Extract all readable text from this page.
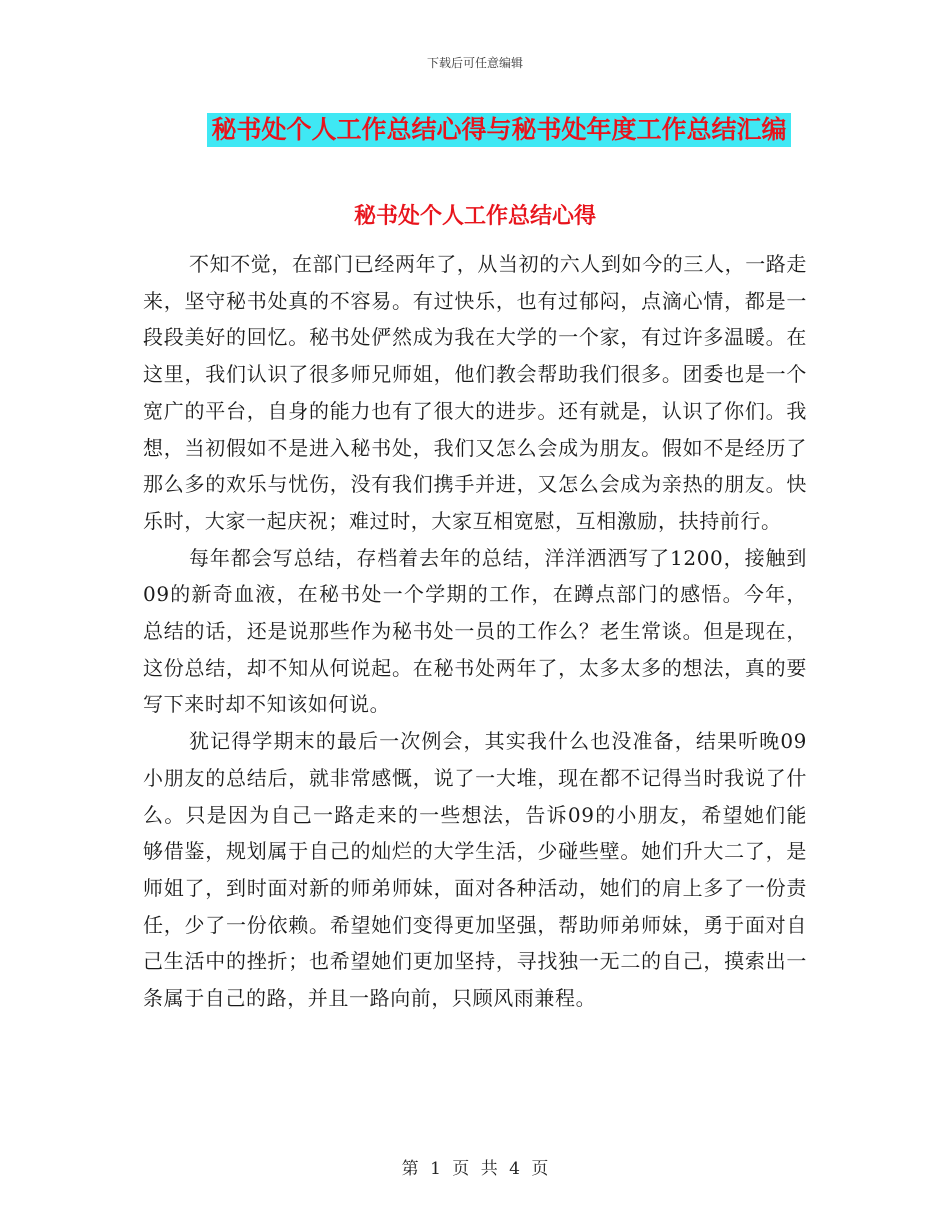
下载后可任意编辑
秘书处个人工作总结心得与秘书处年度工作总结汇编
秘书处个人工作总结心得

不知不觉，在部门已经两年了，从当初的六人到如今的三人，一路走来，坚守秘书处真的不容易。有过快乐，也有过郁闷，点滴心情，都是一段段美好的回忆。秘书处俨然成为我在大学的一个家，有过许多温暖。在这里，我们认识了很多师兄师姐，他们教会帮助我们很多。团委也是一个宽广的平台，自身的能力也有了很大的进步。还有就是，认识了你们。我想，当初假如不是进入秘书处，我们又怎么会成为朋友。假如不是经历了那么多的欢乐与忧伤，没有我们携手并进，又怎么会成为亲热的朋友。快乐时，大家一起庆祝；难过时，大家互相宽慰，互相激励，扶持前行。

每年都会写总结，存档着去年的总结，洋洋洒洒写了1200，接触到09的新奇血液，在秘书处一个学期的工作，在蹲点部门的感悟。今年，总结的话，还是说那些作为秘书处一员的工作么？老生常谈。但是现在，这份总结，却不知从何说起。在秘书处两年了，太多太多的想法，真的要写下来时却不知该如何说。

犹记得学期末的最后一次例会，其实我什么也没准备，结果听晚09小朋友的总结后，就非常感慨，说了一大堆，现在都不记得当时我说了什么。只是因为自己一路走来的一些想法，告诉09的小朋友，希望她们能够借鉴，规划属于自己的灿烂的大学生活，少碰些壁。她们升大二了，是师姐了，到时面对新的师弟师妹，面对各种活动，她们的肩上多了一份责任，少了一份依赖。希望她们变得更加坚强，帮助师弟师妹，勇于面对自己生活中的挫折；也希望她们更加坚持，寻找独一无二的自己，摸索出一条属于自己的路，并且一路向前，只顾风雨兼程。

第 1 页 共 4 页
